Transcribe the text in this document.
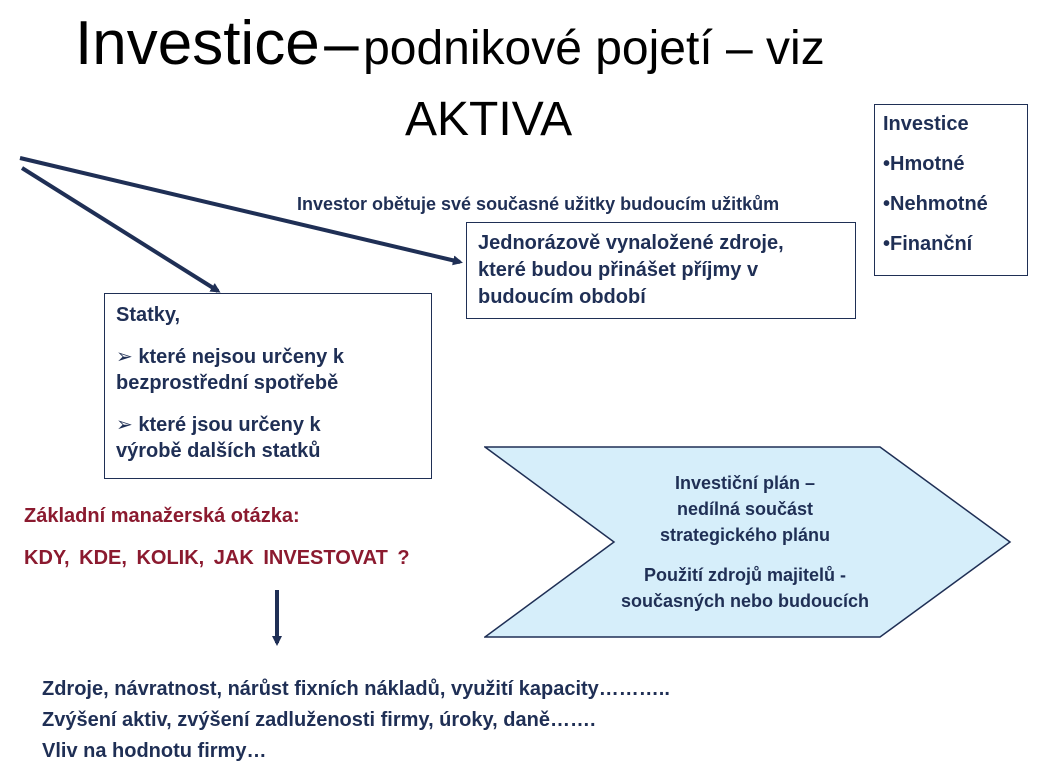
Investice – podnikové pojetí – viz
AKTIVA	Investice
•Hmotné
•Nehmotné
•Finanční
Investor obětuje své současné užitky budoucím užitkům
Jednorázově vynaložené zdroje,
které budou přinášet příjmy v
budoucím období
Statky,
➢ které nejsou určeny k
bezprostřední spotřebě
➢ které jsou určeny k
výrobě dalších statků
Základní manažerská otázka:
KDY, KDE, KOLIK, JAK INVESTOVAT ?
Investiční plán –
nedílná součást
strategického plánu
Použití zdrojů majitelů -
současných nebo budoucích
Zdroje, návratnost, nárůst fixních nákladů, využití kapacity………..
Zvýšení aktiv, zvýšení zadluženosti firmy, úroky, daně…….
Vliv na hodnotu firmy…
